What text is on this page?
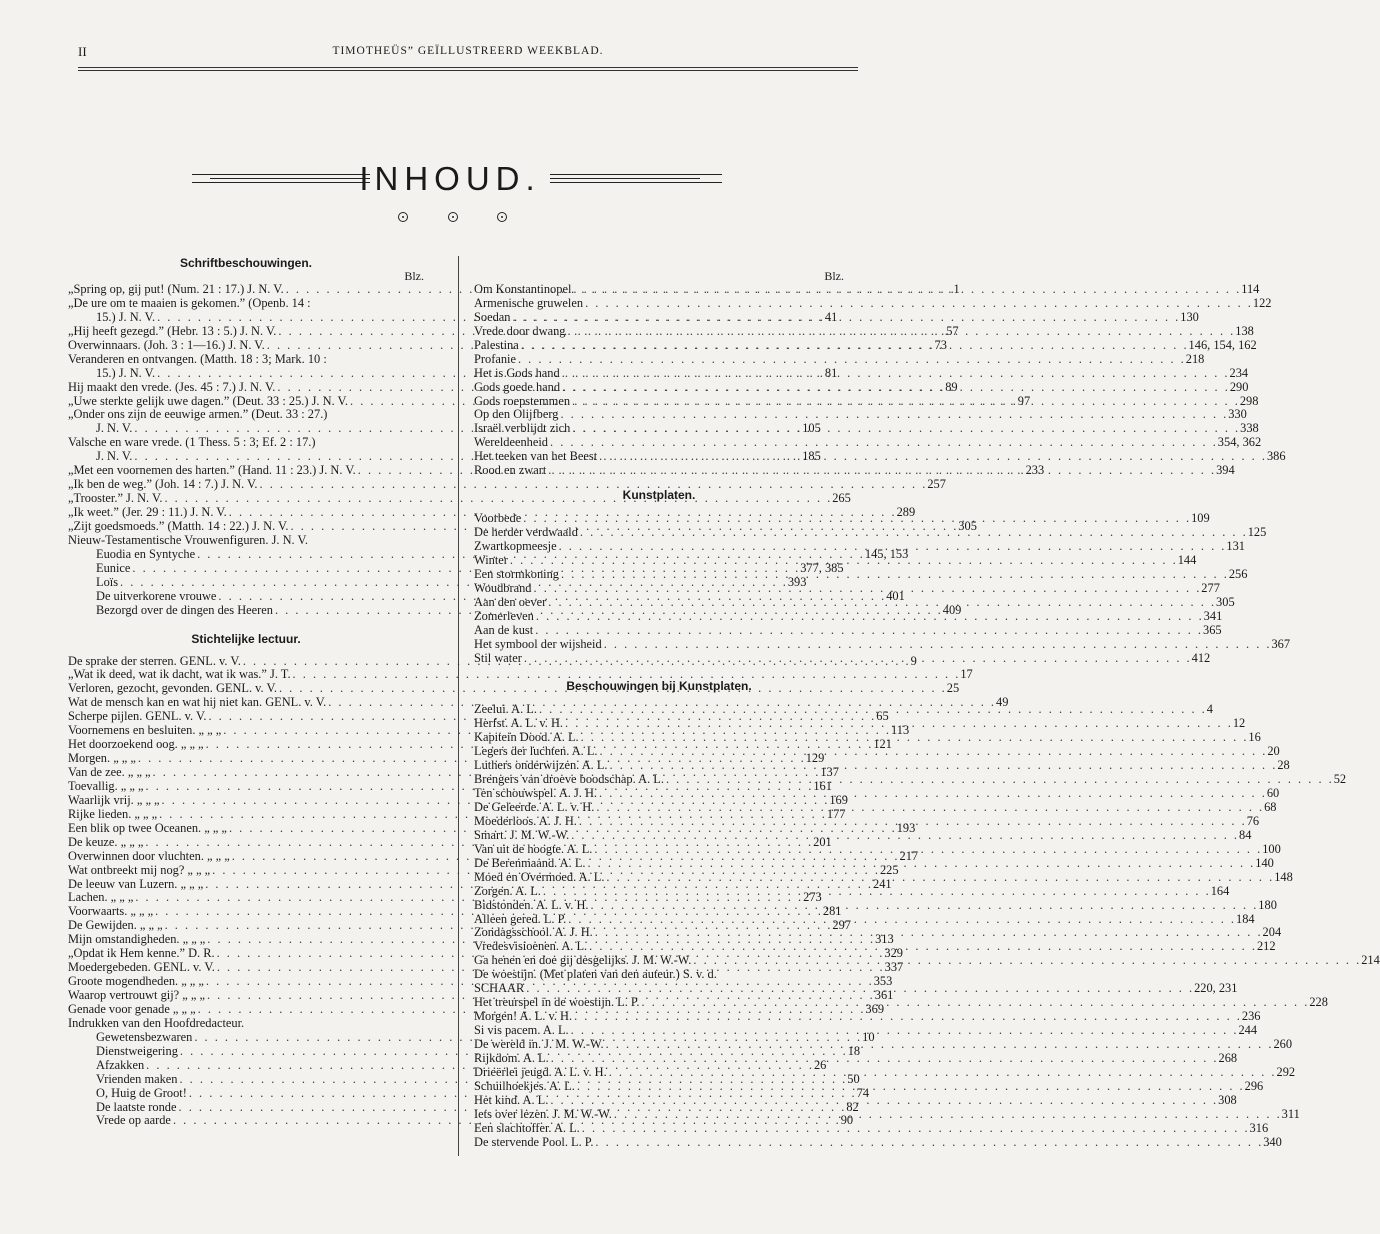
II	TIMOTHEÜS” GEÏLLUSTREERD WEEKBLAD.
INHOUD.
Schriftbeschouwingen.
Blz.
„Spring op, gij put! (Num. 21 : 17.) J. N. V. . . .	1
„De ure om te maaien is gekomen.” (Openb. 14 :
15.) J. N. V. . . .	41
„Hij heeft gezegd.” (Hebr. 13 : 5.) J. N. V. . . .	57
Overwinnaars. (Joh. 3 : 1—16.) J. N. V. . . .	73
Veranderen en ontvangen. (Matth. 18 : 3; Mark. 10 :
15.) J. N. V. . . .	81
Hij maakt den vrede. (Jes. 45 : 7.) J. N. V. . . .	89
„Uwe sterkte gelijk uwe dagen.” (Deut. 33 : 25.) J. N. V. . . .	97
„Onder ons zijn de eeuwige armen.” (Deut. 33 : 27.)
J. N. V. . . .	105
Valsche en ware vrede. (1 Thess. 5 : 3; Ef. 2 : 17.)
J. N. V. . . .	185
„Met een voornemen des harten.” (Hand. 11 : 23.) J. N. V. . . .	233
„Ik ben de weg.” (Joh. 14 : 7.) J. N. V. . . .	257
„Trooster.” J. N. V. . . .	265
„Ik weet.” (Jer. 29 : 11.) J. N. V. . . .	289
„Zijt goedsmoeds.” (Matth. 14 : 22.) J. N. V. . . .	305
Nieuw-Testamentische Vrouwenfiguren. J. N. V.
Euodia en Syntyche . . .	145, 153
Eunice . . .	377, 385
Loïs . . .	393
De uitverkorene vrouwe . . .	401
Bezorgd over de dingen des Heeren . . .	409
Stichtelijke lectuur.
De sprake der sterren. GENL. v. V. . . .	9
„Wat ik deed, wat ik dacht, wat ik was.” J. T. . . .	17
Verloren, gezocht, gevonden. GENL. v. V. . . .	25
Wat de mensch kan en wat hij niet kan. GENL. v. V. . . .	49
Scherpe pijlen. GENL. v. V. . . .	65
Voornemens en besluiten. „ „ „ . . .	113
Het doorzoekend oog. „ „ „ . . .	121
Morgen. „ „ „ . . .	129
Van de zee. „ „ „ . . .	137
Toevallig. „ „ „ . . .	161
Waarlijk vrij. „ „ „ . . .	169
Rijke lieden. „ „ „ . . .	177
Een blik op twee Oceanen. „ „ „ . . .	193
De keuze. „ „ „ . . .	201
Overwinnen door vluchten. „ „ „ . . .	217
Wat ontbreekt mij nog? „ „ „ . . .	225
De leeuw van Luzern. „ „ „ . . .	241
Lachen. „ „ „ . . .	273
Voorwaarts. „ „ „ . . .	281
De Gewijden. „ „ „ . . .	297
Mijn omstandigheden. „ „ „ . . .	313
„Opdat ik Hem kenne.” D. R. . . .	329
Moedergebeden. GENL. v. V. . . .	337
Groote mogendheden. „ „ „ . . .	353
Waarop vertrouwt gij? „ „ „ . . .	361
Genade voor genade „ „ „ . . .	369
Indrukken van den Hoofdredacteur.
Gewetensbezwaren . . .	10
Dienstweigering . . .	18
Afzakken . . .	26
Vrienden maken . . .	50
O, Huig de Groot! . . .	74
De laatste ronde . . .	82
Vrede op aarde . . .	90
Blz.
Om Konstantinopel . . .	114
Armenische gruwelen . . .	122
Soedan . . .	130
Vrede door dwang . . .	138
Palestina . . .	146, 154, 162
Profanie . . .	218
Het is Gods hand . . .	234
Gods goede hand . . .	290
Gods roepstemmen . . .	298
Op den Olijfberg . . .	330
Israël verblijdt zich . . .	338
Wereldeenheid . . .	354, 362
Het teeken van het Beest . . .	386
Rood en zwart . . .	394
Kunstplaten.
Voorbede . . .	109
De herder verdwaald . . .	125
Zwartkopmeesje . . .	131
Winter . . .	144
Een stormkoning . . .	256
Woudbrand . . .	277
Aan den oever . . .	305
Zomerleven . . .	341
Aan de kust . . .	365
Het symbool der wijsheid . . .	367
Stil water . . .	412
Beschouwingen bij Kunstplaten.
Zeelui. A. L. . . .	4
Herfst. A. L. v. H. . . .	12
Kapitein Dood. A. L. . . .	16
Legers der luchten. A. L. . . .	20
Luthers onderwijzen. A. L. . . .	28
Brengers van droeve boodschap. A. L. . . .	52
Ten schouwspel. A. J. H. . . .	60
De Geleerde. A. L. v. H. . . .	68
Moederloos. A. J. H. . . .	76
Smart. J. M. W.-W. . . .	84
Van uit de hoogte. A. L. . . .	100
De Berenmaand. A. L. . . .	140
Moed en Overmoed. A. L. . . .	148
Zorgen. A. L. . . .	164
Bidstonden. A. L. v. H. . . .	180
Alleen gered. L. P. . . .	184
Zondagsschool. A. J. H. . . .	204
Vredesvisioenen. A. L. . . .	212
Ga henen en doe gij desgelijks. J. M. W.-W. . . .	214
De woestijn. (Met platen van den auteur.) S. v. d.
SCHAAR . . .	220, 231
Het treurspel in de woestijn. L. P. . . .	228
Morgen! A. L. v. H. . . .	236
Si vis pacem. A. L. . . .	244
De wereld in. J. M. W.-W. . . .	260
Rijkdom. A. L. . . .	268
Drieërlei jeugd. A. L. v. H. . . .	292
Schuilhoekjes. A. L. . . .	296
Het kind. A. L. . . .	308
Iets over lezen. J. M. W.-W. . . .	311
Een slachtoffer. A. L. . . .	316
De stervende Pool. L. P. . . .	340
